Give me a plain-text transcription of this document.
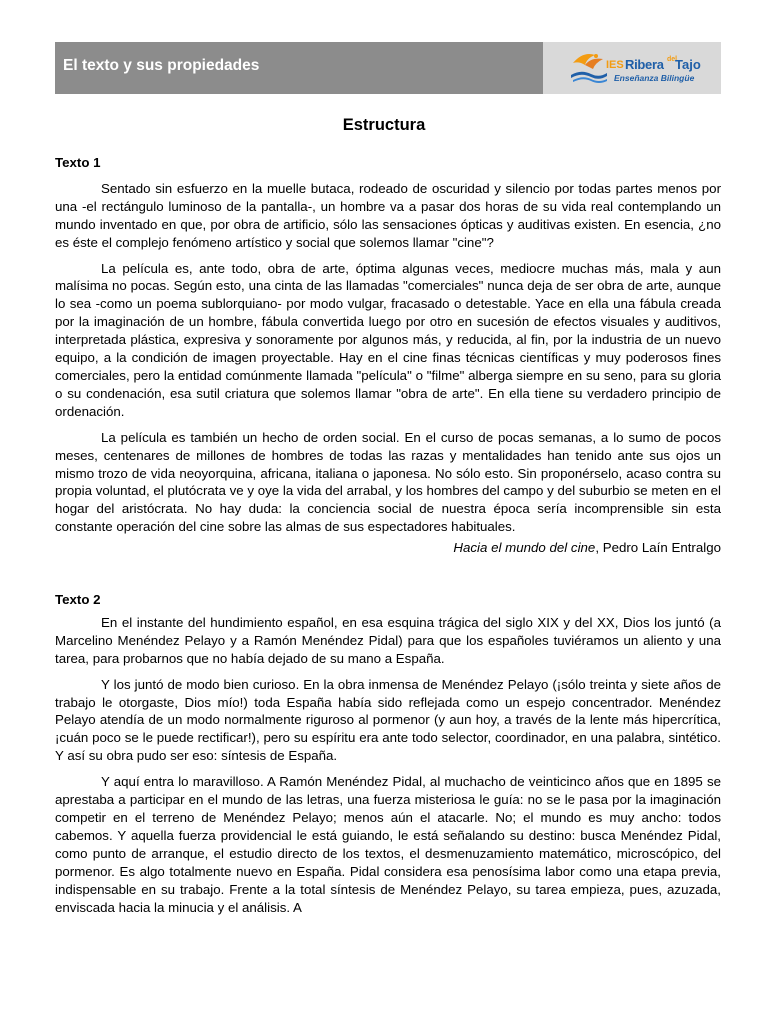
El texto y sus propiedades	IES Ribera del
Tajo
Enseñanza Bilingüe
Estructura

Texto 1

Sentado sin esfuerzo en la muelle butaca, rodeado de oscuridad y silencio por todas partes menos por una -el rectángulo luminoso de la pantalla-, un hombre va a pasar dos horas de su vida real contemplando un mundo inventado en que, por obra de artificio, sólo las sensaciones ópticas y auditivas existen. En esencia, ¿no es éste el complejo fenómeno artístico y social que solemos llamar "cine"?

La película es, ante todo, obra de arte, óptima algunas veces, mediocre muchas más, mala y aun malísima no pocas. Según esto, una cinta de las llamadas "comerciales" nunca deja de ser obra de arte, aunque lo sea -como un poema sublorquiano- por modo vulgar, fracasado o detestable. Yace en ella una fábula creada por la imaginación de un hombre, fábula convertida luego por otro en sucesión de efectos visuales y auditivos, interpretada plástica, expresiva y sonoramente por algunos más, y reducida, al fin, por la industria de un nuevo equipo, a la condición de imagen proyectable. Hay en el cine finas técnicas científicas y muy poderosos fines comerciales, pero la entidad comúnmente llamada "película" o "filme" alberga siempre en su seno, para su gloria o su condenación, esa sutil criatura que solemos llamar "obra de arte". En ella tiene su verdadero principio de ordenación.

La película es también un hecho de orden social. En el curso de pocas semanas, a lo sumo de pocos meses, centenares de millones de hombres de todas las razas y mentalidades han tenido ante sus ojos un mismo trozo de vida neoyorquina, africana, italiana o japonesa. No sólo esto. Sin proponérselo, acaso contra su propia voluntad, el plutócrata ve y oye la vida del arrabal, y los hombres del campo y del suburbio se meten en el hogar del aristócrata. No hay duda: la conciencia social de nuestra época sería incomprensible sin esta constante operación del cine sobre las almas de sus espectadores habituales.

Hacia el mundo del cine, Pedro Laín Entralgo

Texto 2

En el instante del hundimiento español, en esa esquina trágica del siglo XIX y del XX, Dios los juntó (a Marcelino Menéndez Pelayo y a Ramón Menéndez Pidal) para que los españoles tuviéramos un aliento y una tarea, para probarnos que no había dejado de su mano a España.

Y los juntó de modo bien curioso. En la obra inmensa de Menéndez Pelayo (¡sólo treinta y siete años de trabajo le otorgaste, Dios mío!) toda España había sido reflejada como un espejo concentrador. Menéndez Pelayo atendía de un modo normalmente riguroso al pormenor (y aun hoy, a través de la lente más hipercrítica, ¡cuán poco se le puede rectificar!), pero su espíritu era ante todo selector, coordinador, en una palabra, sintético. Y así su obra pudo ser eso: síntesis de España.

Y aquí entra lo maravilloso. A Ramón Menéndez Pidal, al muchacho de veinticinco años que en 1895 se aprestaba a participar en el mundo de las letras, una fuerza misteriosa le guía: no se le pasa por la imaginación competir en el terreno de Menéndez Pelayo; menos aún el atacarle. No; el mundo es muy ancho: todos cabemos. Y aquella fuerza providencial le está guiando, le está señalando su destino: busca Menéndez Pidal, como punto de arranque, el estudio directo de los textos, el desmenuzamiento matemático, microscópico, del pormenor. Es algo totalmente nuevo en España. Pidal considera esa penosísima labor como una etapa previa, indispensable en su trabajo. Frente a la total síntesis de Menéndez Pelayo, su tarea empieza, pues, azuzada, enviscada hacia la minucia y el análisis. A
